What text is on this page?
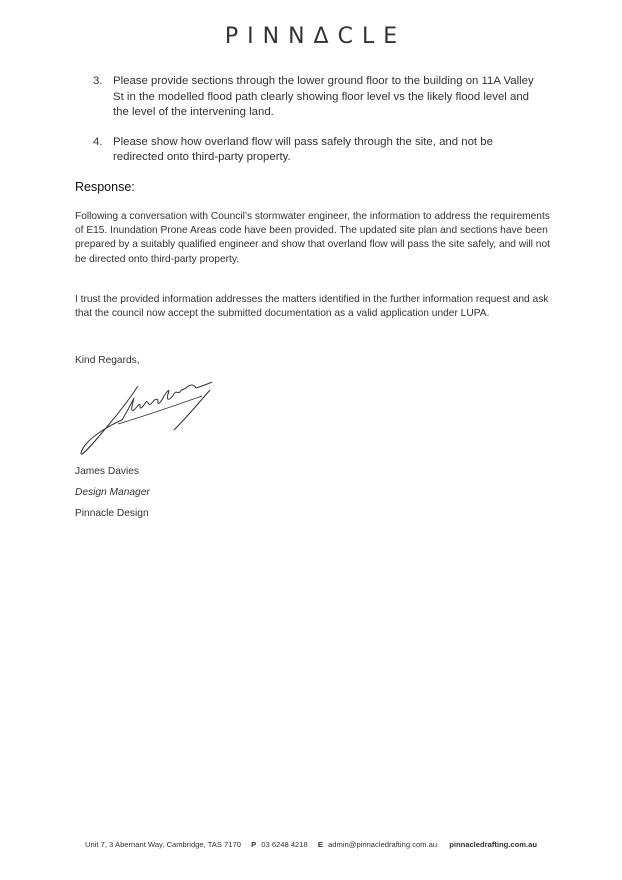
PINNΔCLE
3. Please provide sections through the lower ground floor to the building on 11A Valley St in the modelled flood path clearly showing floor level vs the likely flood level and the level of the intervening land.
4. Please show how overland flow will pass safely through the site, and not be redirected onto third-party property.
Response:

Following a conversation with Council’s stormwater engineer, the information to address the requirements of E15. Inundation Prone Areas code have been provided. The updated site plan and sections have been prepared by a suitably qualified engineer and show that overland flow will pass the site safely, and will not be directed onto third-party property.

I trust the provided information addresses the matters identified in the further information request and ask that the council now accept the submitted documentation as a valid application under LUPA.

Kind Regards,

James Davies

Design Manager

Pinnacle Design

Unit 7, 3 Abernant Way, Cambridge, TAS 7170 P 03 6248 4218 E admin@pinnacledrafting.com.au pinnacledrafting.com.au
